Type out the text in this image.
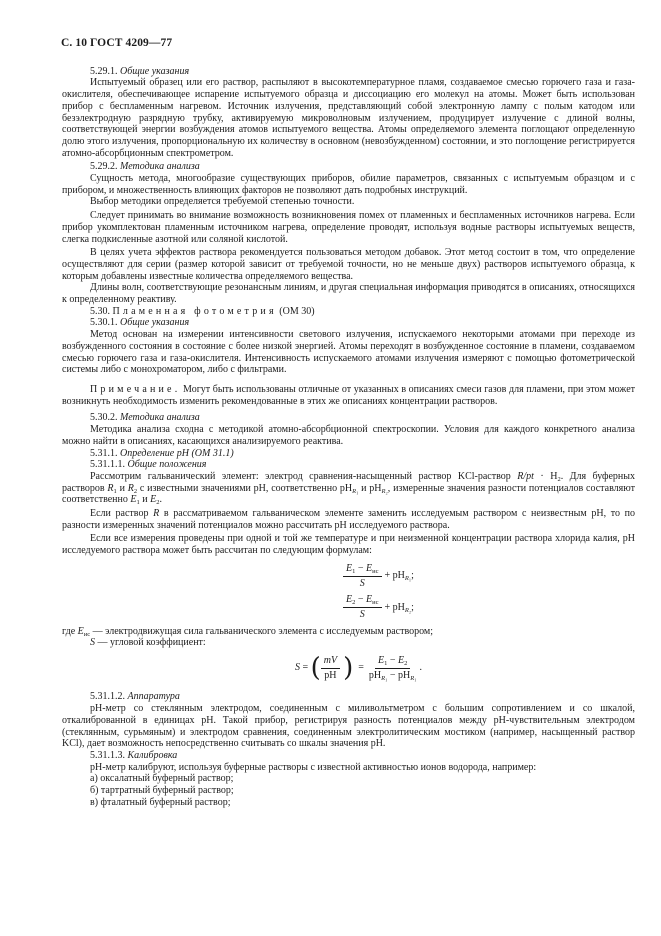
С. 10 ГОСТ 4209—77

5.29.1. Общие указания

Испытуемый образец или его раствор, распыляют в высокотемпературное пламя, создаваемое смесью горючего газа и газа-окислителя, обеспечивающее испарение испытуемого образца и диссоциацию его молекул на атомы. Может быть использован прибор с беспламенным нагревом. Источник излучения, представляющий собой электронную лампу с полым катодом или безэлектродную разрядную трубку, активируемую микроволновым излучением, продуцирует излучение с длиной волны, соответствующей энергии возбуждения атомов испытуемого вещества. Атомы определяемого элемента поглощают определенную долю этого излучения, пропорциональную их количеству в основном (невозбужденном) состоянии, и это поглощение регистрируется атомно-абсорбционным спектрометром.

5.29.2. Методика анализа

Сущность метода, многообразие существующих приборов, обилие параметров, связанных с испытуемым образцом и с прибором, и множественность влияющих факторов не позволяют дать подробных инструкций.

Выбор методики определяется требуемой степенью точности.

Следует принимать во внимание возможность возникновения помех от пламенных и беспламенных источников нагрева. Если прибор укомплектован пламенным источником нагрева, определение проводят, используя водные растворы испытуемых веществ, слегка подкисленные азотной или соляной кислотой.

В целях учета эффектов раствора рекомендуется пользоваться методом добавок. Этот метод состоит в том, что определение осуществляют для серии (размер которой зависит от требуемой точности, но не меньше двух) растворов испытуемого образца, к которым добавлены известные количества определяемого вещества.

Длины волн, соответствующие резонансным линиям, и другая специальная информация приводятся в описаниях, относящихся к определенному реактиву.

5.30. Пламенная фотометрия (ОМ 30)

5.30.1. Общие указания

Метод основан на измерении интенсивности светового излучения, испускаемого некоторыми атомами при переходе из возбужденного состояния в состояние с более низкой энергией. Атомы переходят в возбужденное состояние в пламени, создаваемом смесью горючего газа и газа-окислителя. Интенсивность испускаемого атомами излучения измеряют с помощью фотометрической системы либо с монохроматором, либо с фильтрами.

Примечание. Могут быть использованы отличные от указанных в описаниях смеси газов для пламени, при этом может возникнуть необходимость изменить рекомендованные в этих же описаниях концентрации растворов.

5.30.2. Методика анализа

Методика анализа сходна с методикой атомно-абсорбционной спектроскопии. Условия для каждого конкретного анализа можно найти в описаниях, касающихся анализируемого реактива.

5.31.1. Определение рН (ОМ 31.1)

5.31.1.1. Общие положения

Рассмотрим гальванический элемент: электрод сравнения-насыщенный раствор KCl-раствор $R/pt \cdot H_2$. Для буферных растворов $R_1$ и $R_2$ с известными значениями рН, соответственно $рН_{R_1}$ и $рН_{R_2}$, измеренные значения разности потенциалов составляют соответственно $E_1$ и $E_2$.

Если раствор R в рассматриваемом гальваническом элементе заменить исследуемым раствором с неизвестным рН, то по разности измеренных значений потенциалов можно рассчитать рН исследуемого раствора.

Если все измерения проведены при одной и той же температуре и при неизменной концентрации раствора хлорида калия, pH исследуемого раствора может быть рассчитан по следующим формулам:

$\frac{E_1 - E_{ис}}{S} + рН_{R_1}$;
$\frac{E_2 - E_{ис}}{S} + рН_{R_2}$;

где $E_{ис}$ — электродвижущая сила гальванического элемента с исследуемым раствором;

S — угловой коэффициент:

S = ( $\frac{mV}{рН}$ ) = $\frac{E_1 - E_2}{рН_{R_1} - рН_{R_1}}$ .

5.31.1.2. Аппаратура

pH-метр со стеклянным электродом, соединенным с миливольтметром с большим сопротивлением и со шкалой, откалиброванной в единицах pH. Такой прибор, регистрируя разность потенциалов между pH-чувствительным электродом (стеклянным, сурьмяным) и электродом сравнения, соединенным электролитическим мостиком (например, насыщенный раствор KCl), дает возможность непосредственно считывать со шкалы значения pH.

5.31.1.3. Калибровка

pH-метр калибруют, используя буферные растворы с известной активностью ионов водорода, например:

а) оксалатный буферный раствор;

б) тартратный буферный раствор;

в) фталатный буферный раствор;
